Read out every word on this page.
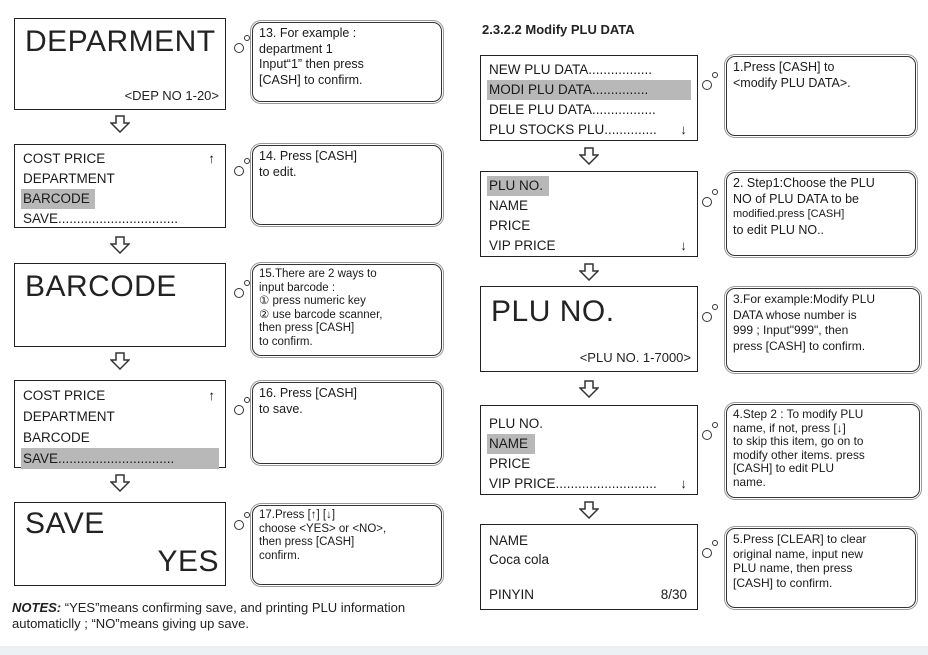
DEPARMENT
<DEP NO 1-20>
COST PRICE	↑
DEPARTMENT
BARCODE
SAVE................................
BARCODE
COST PRICE	↑
DEPARTMENT
BARCODE
SAVE...............................
SAVE
YES
13. For example :
department 1
Input“1” then press
[CASH] to confirm.
14. Press [CASH]
to edit.
15.There are 2 ways to
input barcode :
① press numeric key
② use barcode scanner,
then press [CASH]
to confirm.
16. Press [CASH]
to save.
17.Press [↑] [↓]
choose <YES> or <NO>,
then press [CASH]
confirm.
NOTES: “YES”means confirming save, and printing PLU information automaticlly ; “NO”means giving up save.
2.3.2.2 Modify PLU DATA
NEW PLU DATA.................
MODI PLU DATA...............
DELE PLU DATA.................
PLU STOCKS PLU.............. ↓
PLU NO.
NAME
PRICE
VIP PRICE	↓
PLU NO.
<PLU NO. 1-7000>
PLU NO.
NAME
PRICE
VIP PRICE........................... ↓
NAME
Coca cola
PINYIN	8/30
1.Press [CASH] to
<modify PLU DATA>.
2. Step1:Choose the PLU
NO of PLU DATA to be
modified.press [CASH]
to edit PLU NO..
3.For example:Modify PLU
DATA whose number is
999 ; Input"999", then
press [CASH] to confirm.
4.Step 2 : To modify PLU
name, if not, press [↓]
to skip this item, go on to
modify other items. press
[CASH] to edit PLU
name.
5.Press [CLEAR] to clear
original name, input new
PLU name, then press
[CASH] to confirm.
